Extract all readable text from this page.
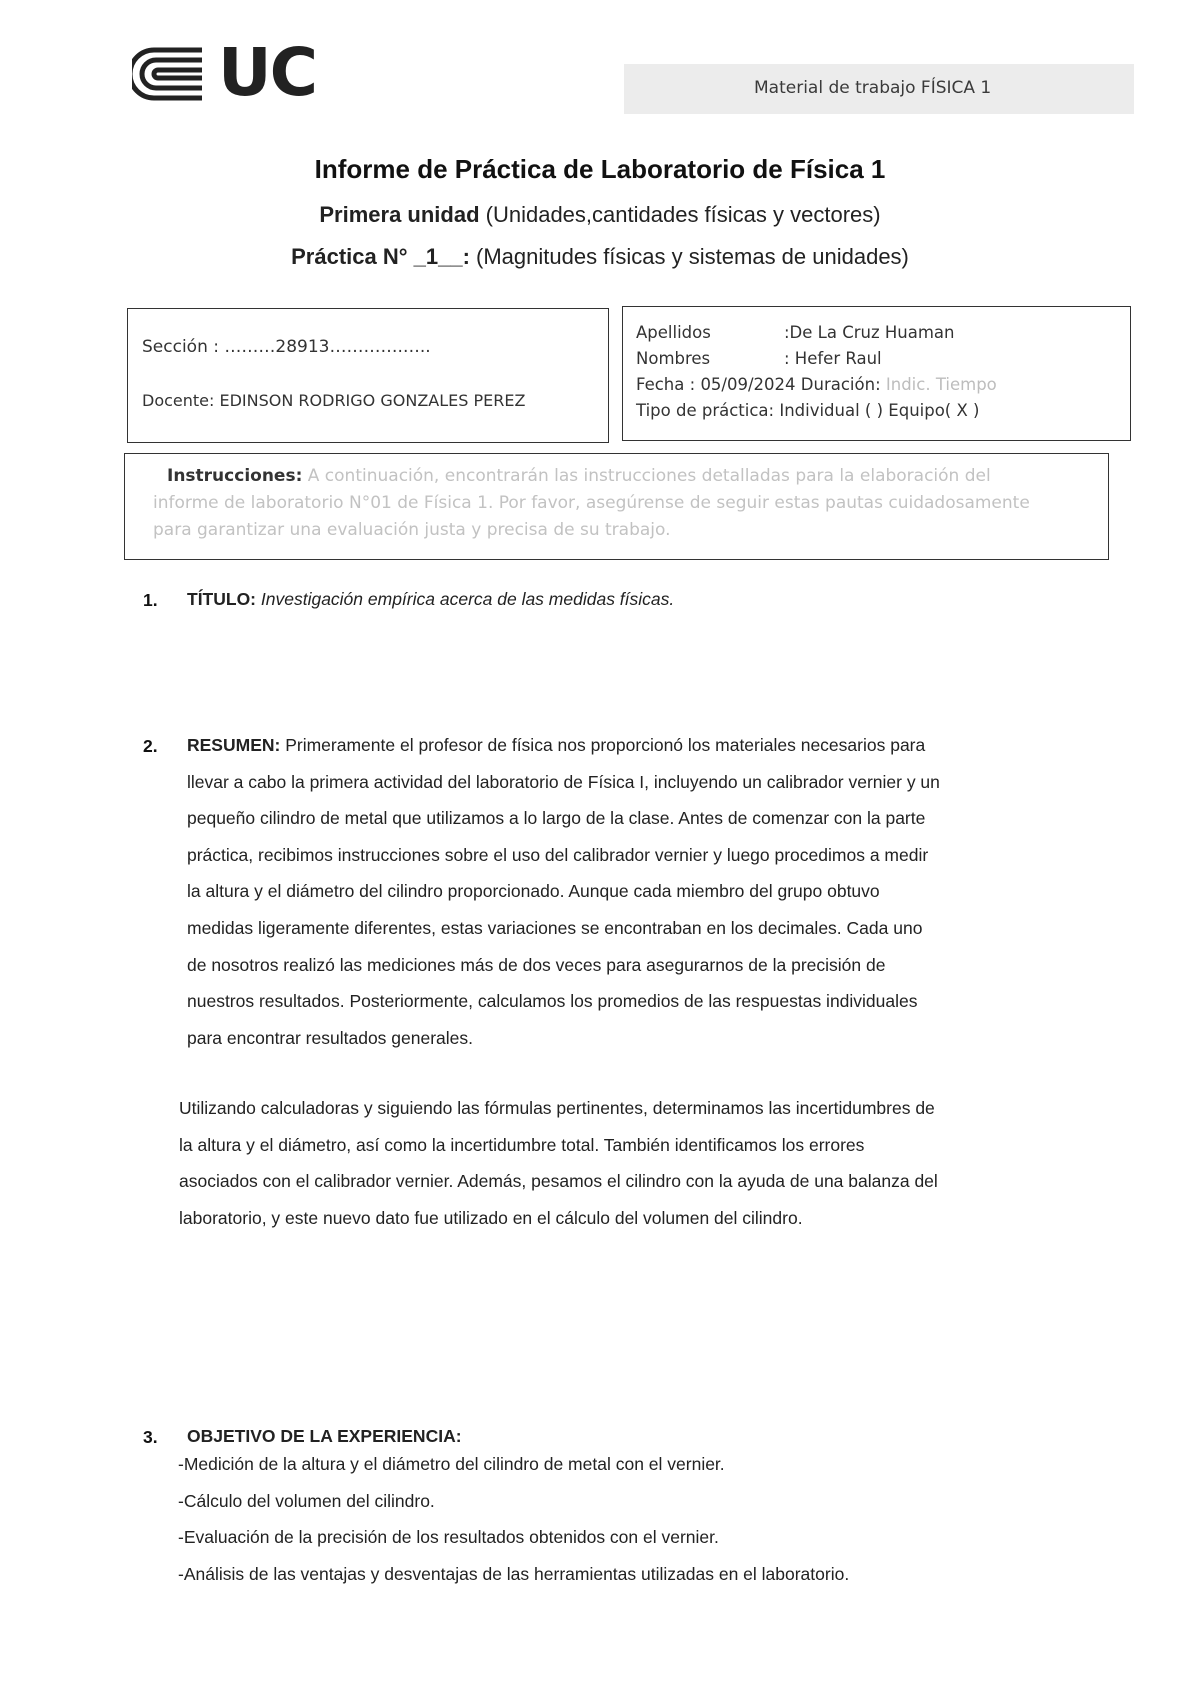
UC	Material de trabajo FÍSICA 1
Informe de Práctica de Laboratorio de Física 1
Primera unidad (Unidades,cantidades físicas y vectores)
Práctica N° _1__: (Magnitudes físicas y sistemas de unidades)
Sección : ………28913………….…..
Docente: EDINSON RODRIGO GONZALES PEREZ
Apellidos	:De La Cruz Huaman
Nombres	: Hefer Raul
Fecha : 05/09/2024 Duración: Indic. Tiempo
Tipo de práctica: Individual ( ) Equipo( X )
Instrucciones: A continuación, encontrarán las instrucciones detalladas para la elaboración del
informe de laboratorio N°01 de Física 1. Por favor, asegúrense de seguir estas pautas cuidadosamente
para garantizar una evaluación justa y precisa de su trabajo.
1. TÍTULO: Investigación empírica acerca de las medidas físicas.
2. RESUMEN: Primeramente el profesor de física nos proporcionó los materiales necesarios para
llevar a cabo la primera actividad del laboratorio de Física I, incluyendo un calibrador vernier y un
pequeño cilindro de metal que utilizamos a lo largo de la clase. Antes de comenzar con la parte
práctica, recibimos instrucciones sobre el uso del calibrador vernier y luego procedimos a medir
la altura y el diámetro del cilindro proporcionado. Aunque cada miembro del grupo obtuvo
medidas ligeramente diferentes, estas variaciones se encontraban en los decimales. Cada uno
de nosotros realizó las mediciones más de dos veces para asegurarnos de la precisión de
nuestros resultados. Posteriormente, calculamos los promedios de las respuestas individuales
para encontrar resultados generales.
Utilizando calculadoras y siguiendo las fórmulas pertinentes, determinamos las incertidumbres de
la altura y el diámetro, así como la incertidumbre total. También identificamos los errores
asociados con el calibrador vernier. Además, pesamos el cilindro con la ayuda de una balanza del
laboratorio, y este nuevo dato fue utilizado en el cálculo del volumen del cilindro.
3. OBJETIVO DE LA EXPERIENCIA:
-Medición de la altura y el diámetro del cilindro de metal con el vernier.
-Cálculo del volumen del cilindro.
-Evaluación de la precisión de los resultados obtenidos con el vernier.
-Análisis de las ventajas y desventajas de las herramientas utilizadas en el laboratorio.
